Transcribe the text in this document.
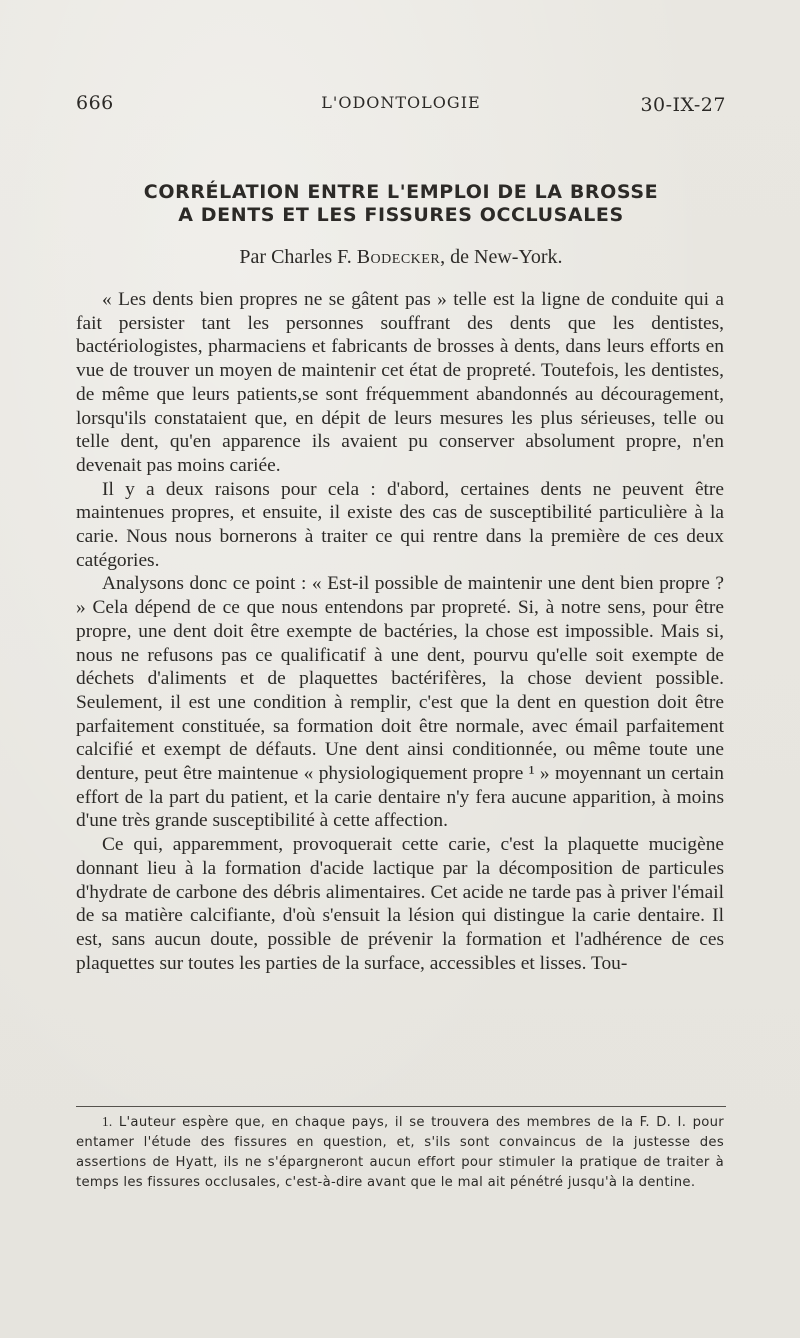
666	L'ODONTOLOGIE	30-IX-27
CORRÉLATION ENTRE L'EMPLOI DE LA BROSSE
A DENTS ET LES FISSURES OCCLUSALES
Par Charles F. Bodecker, de New-York.

« Les dents bien propres ne se gâtent pas » telle est la ligne de conduite qui a fait persister tant les personnes souffrant des dents que les dentistes, bactériologistes, pharmaciens et fabricants de brosses à dents, dans leurs efforts en vue de trouver un moyen de maintenir cet état de propreté. Toutefois, les dentistes, de même que leurs patients,se sont fréquemment abandonnés au découragement, lorsqu'ils constataient que, en dépit de leurs mesures les plus sérieuses, telle ou telle dent, qu'en apparence ils avaient pu conserver absolument propre, n'en devenait pas moins cariée.

Il y a deux raisons pour cela : d'abord, certaines dents ne peuvent être maintenues propres, et ensuite, il existe des cas de susceptibilité particulière à la carie. Nous nous bornerons à traiter ce qui rentre dans la première de ces deux catégories.

Analysons donc ce point : « Est-il possible de maintenir une dent bien propre ? » Cela dépend de ce que nous entendons par propreté. Si, à notre sens, pour être propre, une dent doit être exempte de bactéries, la chose est impossible. Mais si, nous ne refusons pas ce qualificatif à une dent, pourvu qu'elle soit exempte de déchets d'aliments et de plaquettes bactérifères, la chose devient possible. Seulement, il est une condition à remplir, c'est que la dent en question doit être parfaitement constituée, sa formation doit être normale, avec émail parfaitement calcifié et exempt de défauts. Une dent ainsi conditionnée, ou même toute une denture, peut être maintenue « physiologiquement propre ¹ » moyennant un certain effort de la part du patient, et la carie dentaire n'y fera aucune apparition, à moins d'une très grande susceptibilité à cette affection.

Ce qui, apparemment, provoquerait cette carie, c'est la plaquette mucigène donnant lieu à la formation d'acide lactique par la décomposition de particules d'hydrate de carbone des débris alimentaires. Cet acide ne tarde pas à priver l'émail de sa matière calcifiante, d'où s'ensuit la lésion qui distingue la carie dentaire. Il est, sans aucun doute, possible de prévenir la formation et l'adhérence de ces plaquettes sur toutes les parties de la surface, accessibles et lisses. Tou-

1. L'auteur espère que, en chaque pays, il se trouvera des membres de la F. D. I. pour entamer l'étude des fissures en question, et, s'ils sont convaincus de la justesse des assertions de Hyatt, ils ne s'épargneront aucun effort pour stimuler la pratique de traiter à temps les fissures occlusales, c'est-à-dire avant que le mal ait pénétré jusqu'à la dentine.
